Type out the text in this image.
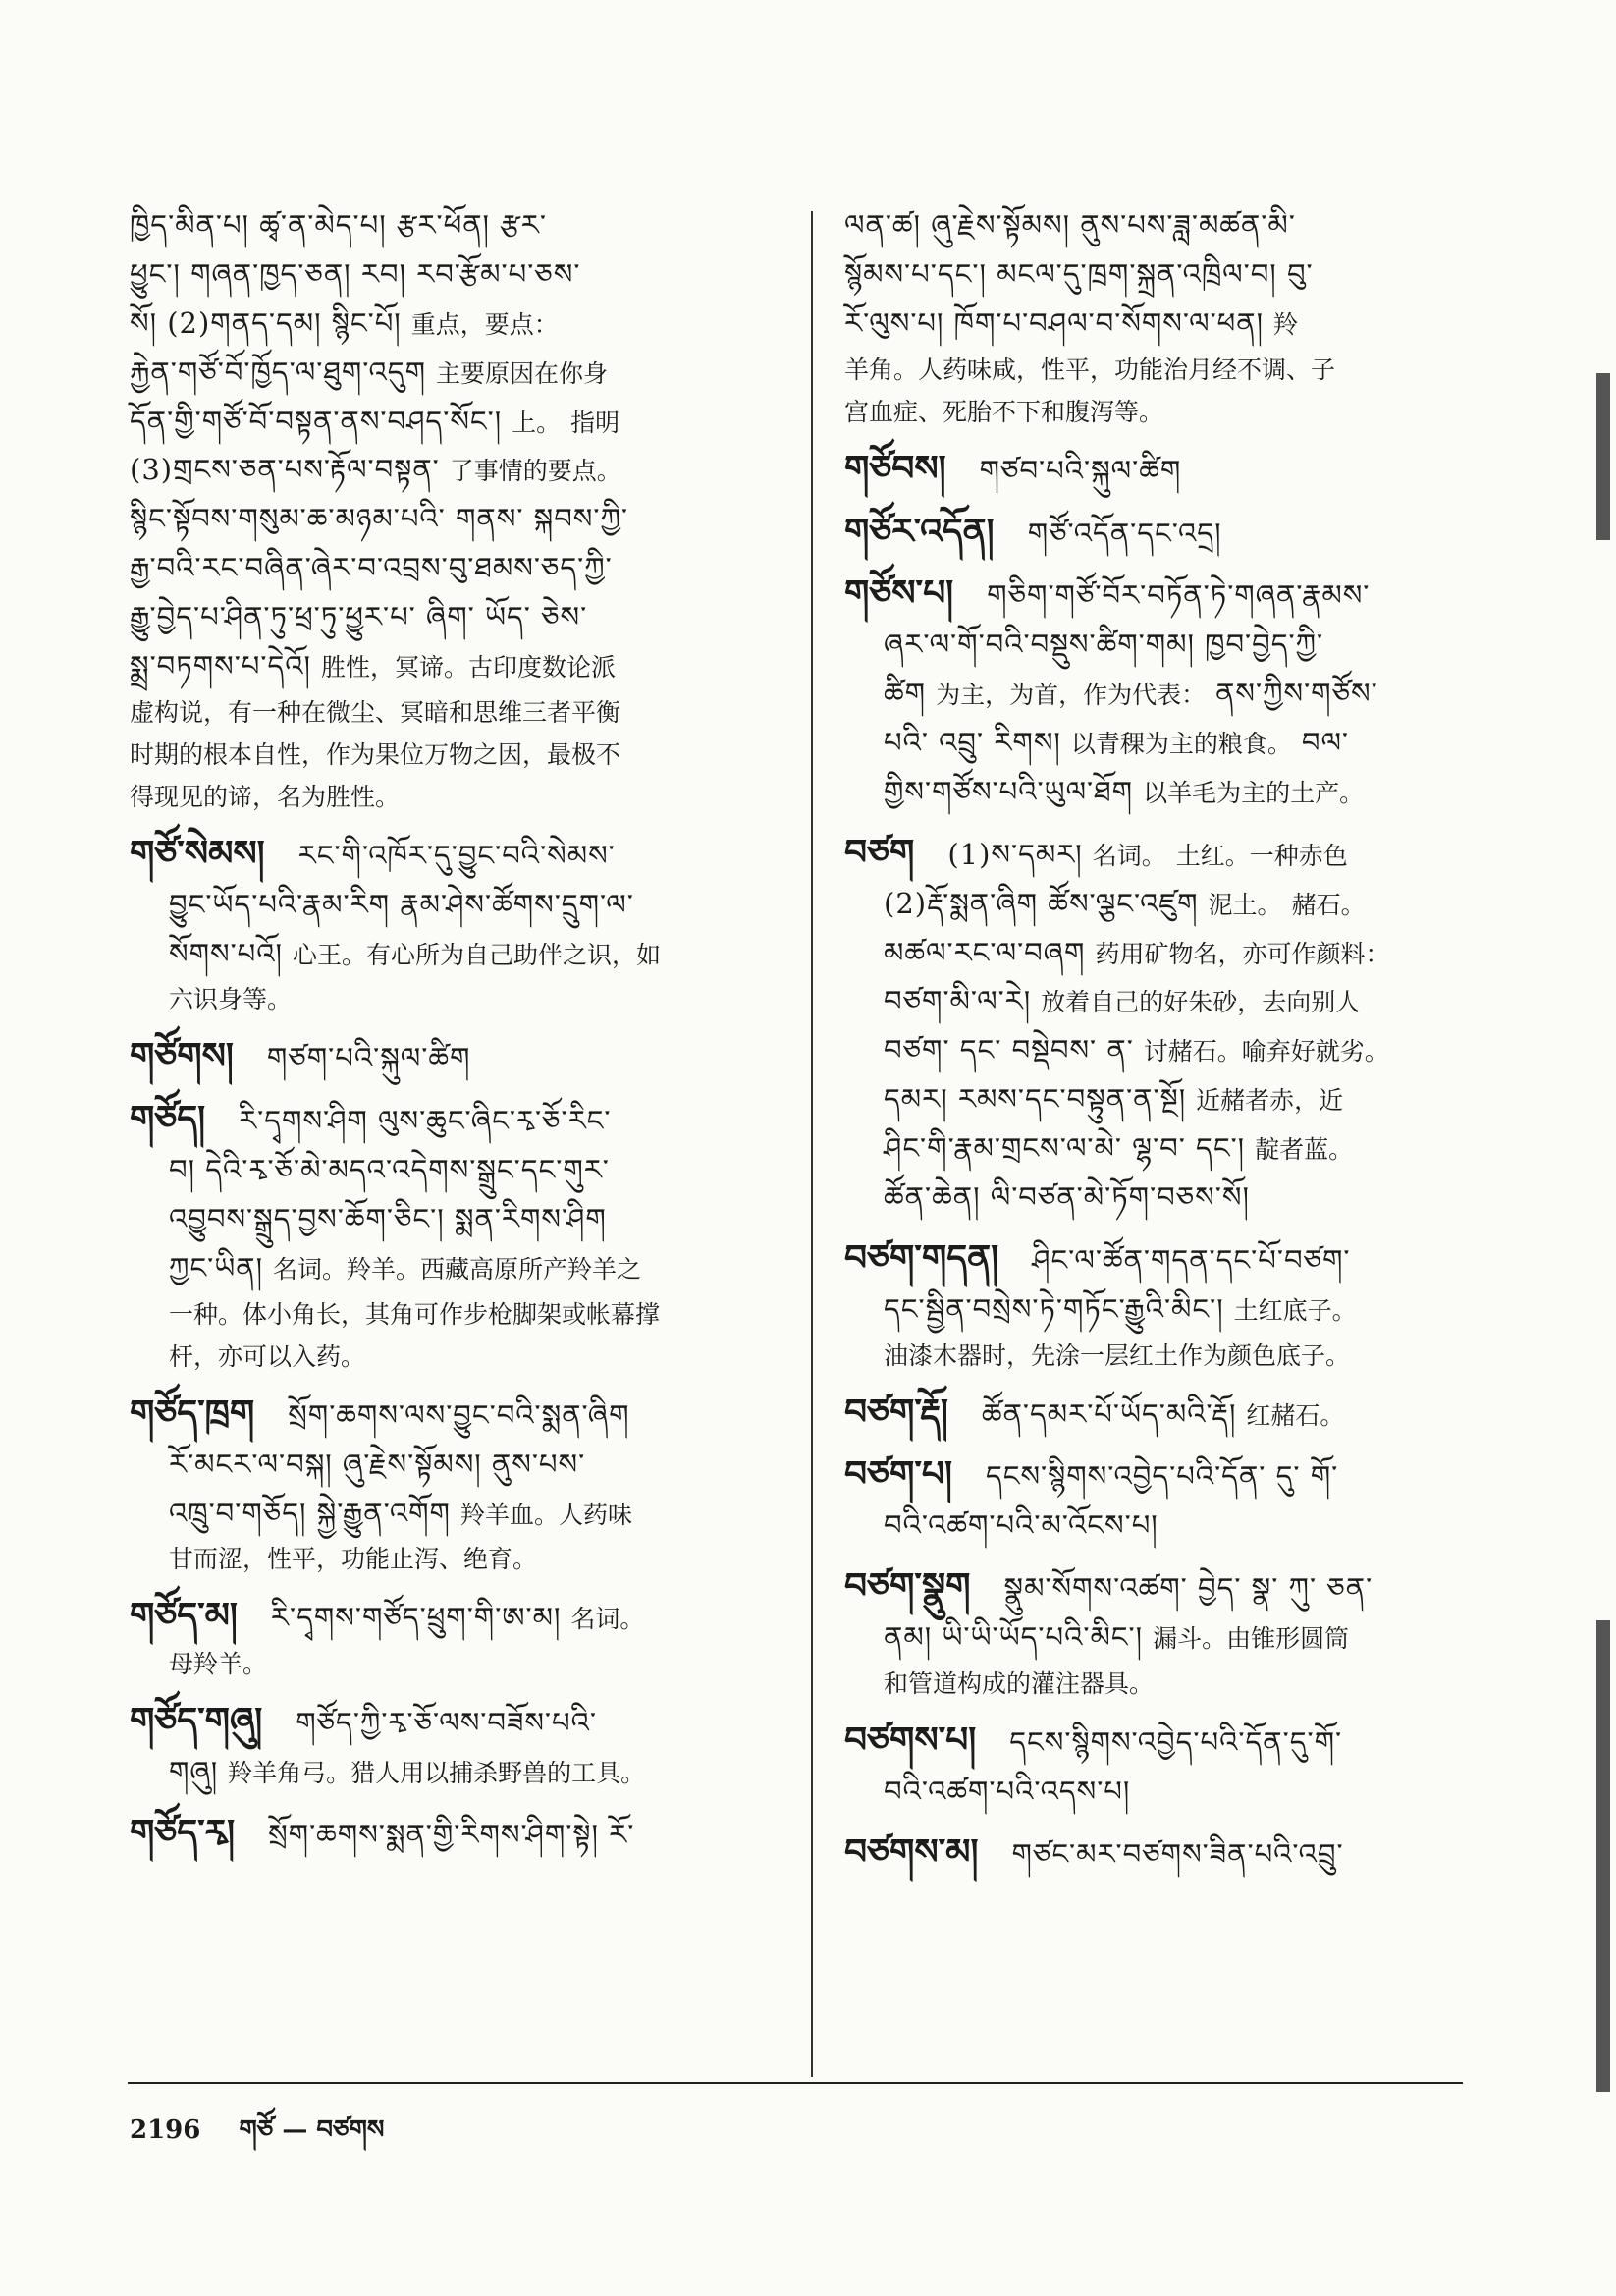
ཁྱིད་མིན་པ། ཚྭ་ན་མེད་པ། རྩར་ཕོན། རྩར་
ཕྱུང་། གཞན་ཁྱད་ཅན། རབ། རབ་རྩོམ་པ་ཅས་
སོ། (2)གནད་དམ། སྙིང་པོ། 重点，要点：
རྐྱེན་གཙོ་བོ་ཁྱོད་ལ་ཐུག་འདུག 主要原因在你身
དོན་གྱི་གཙོ་བོ་བསྟན་ནས་བཤད་སོང་། 上。 指明
(3)གྲངས་ཅན་པས་རྟོལ་བསྟན་ 了事情的要点。
སྙིང་སྟོབས་གསུམ་ཆ་མཉམ་པའི་ གནས་ སྐབས་ཀྱི་
རྒྱ་བའི་རང་བཞིན་ཞེར་བ་འབྲས་བུ་ཐམས་ཅད་ཀྱི་
རྒྱུ་བྱེད་པ་ཤིན་ཏུ་ཕྲ་ཏུ་ཕྱུར་པ་ ཞིག་ ཡོད་ ཅེས་
སྨྲ་བཏགས་པ་དེའོ། 胜性，冥谛。古印度数论派
虚构说，有一种在微尘、冥暗和思维三者平衡
时期的根本自性，作为果位万物之因，最极不
得现见的谛，名为胜性。
གཙོ་སེམས། རང་གི་འཁོར་དུ་བྱུང་བའི་སེམས་
བྱུང་ཡོད་པའི་རྣམ་རིག རྣམ་ཤེས་ཚོགས་དྲུག་ལ་
སོགས་པའོ། 心王。有心所为自己助伴之识，如
六识身等。
གཙོགས། གཙག་པའི་སྐུལ་ཚིག
གཙོད། རི་དྭགས་ཤིག ལུས་ཆུང་ཞིང་རྭ་ཅོ་རིང་
བ། དེའི་རྭ་ཅོ་མེ་མདའ་འདེགས་སྒྲུང་དང་གུར་
འབྱུབས་སྒྲུད་བྱས་ཆོག་ཅིང་། སྨན་རིགས་ཤིག
ཀྱང་ཡིན། 名词。羚羊。西藏高原所产羚羊之
一种。体小角长，其角可作步枪脚架或帐幕撑
杆，亦可以入药。
གཙོད་ཁྲག སྲོག་ཆགས་ལས་བྱུང་བའི་སྨན་ཞིག
རོ་མངར་ལ་བསྐ། ཞུ་རྗེས་སྟོམས། ནུས་པས་
འཁྲུ་བ་གཅོད། སྐྱེ་རྒྱུན་འགོག 羚羊血。人药味
甘而涩，性平，功能止泻、绝育。
གཙོད་མ། རི་དྭགས་གཙོད་ཕྲུག་གི་ཨ་མ། 名词。
母羚羊。
གཙོད་གཞུ། གཙོད་ཀྱི་རྭ་ཅོ་ལས་བཟོས་པའི་
གཞུ། 羚羊角弓。猎人用以捕杀野兽的工具。
གཙོད་རྭ། སྲོག་ཆགས་སྨན་གྱི་རིགས་ཤིག་སྟེ། རོ་
ལན་ཚ། ཞུ་རྗེས་སྟོམས། ནུས་པས་ཟླ་མཚན་མི་
སྙོམས་པ་དང་། མངལ་དུ་ཁྲག་སྐྲན་འཁྲིལ་བ། བུ་
རོ་ལུས་པ། ཁོག་པ་བཤལ་བ་སོགས་ལ་ཕན། 羚
羊角。人药味咸，性平，功能治月经不调、子
宫血症、死胎不下和腹泻等。
གཙོབས། གཙབ་པའི་སྐུལ་ཚིག
གཙོར་འདོན། གཙོ་འདོན་དང་འདྲ།
གཙོས་པ། གཅིག་གཙོ་བོར་བཏོན་ཏེ་གཞན་རྣམས་
ཞར་ལ་གོ་བའི་བསྡུས་ཚིག་གམ། ཁྱབ་བྱེད་ཀྱི་
ཚིག 为主，为首，作为代表： ནས་ཀྱིས་གཙོས་
པའི་ འབྲུ་ རིགས། 以青稞为主的粮食。 བལ་
གྱིས་གཙོས་པའི་ཡུལ་ཐོག 以羊毛为主的土产。
བཙག (1)ས་དམར། 名词。 土红。一种赤色
(2)རྡོ་སྨན་ཞིག ཚོས་ལྕང་འཛུག 泥土。 赭石。
མཚལ་རང་ལ་བཞག 药用矿物名，亦可作颜料：
བཙག་མི་ལ་རེ། 放着自己的好朱砂，去向别人
བཙག་ དང་ བསྡེབས་ ན་ 讨赭石。喻弃好就劣。
དམར། རམས་དང་བསྟུན་ན་སྔོ། 近赭者赤，近
ཤིང་གི་རྣམ་གྲངས་ལ་མེ་ ལྷ་བ་ དང་། 靛者蓝。
ཚོན་ཆེན། ལི་བཙན་མེ་ཏོག་བཅས་སོ།
བཙག་གདན། ཤིང་ལ་ཚོན་གདན་དང་པོ་བཙག་
དང་སྦྱིན་བསྲེས་ཏེ་གཏོང་རྒྱུའི་མིང་། 土红底子。
油漆木器时，先涂一层红土作为颜色底子。
བཙག་རྡོ། ཚོན་དམར་པོ་ཡོད་མའི་རྡོ། 红赭石。
བཙག་པ། དངས་སྙིགས་འབྱེད་པའི་དོན་ དུ་ གོ་
བའི་འཚག་པའི་མ་འོངས་པ།
བཙག་སྣུག སྣུམ་སོགས་འཚག་ བྱེད་ སྣ་ ཀུ་ ཅན་
ནམ། ཡི་ཡི་ཡོད་པའི་མིང་། 漏斗。由锥形圆筒
和管道构成的灌注器具。
བཙགས་པ། དངས་སྙིགས་འབྱེད་པའི་དོན་དུ་གོ་
བའི་འཚག་པའི་འདས་པ།
བཙགས་མ། གཙང་མར་བཙགས་ཟིན་པའི་འབྲུ་
2196 གཙོ — བཙགས
